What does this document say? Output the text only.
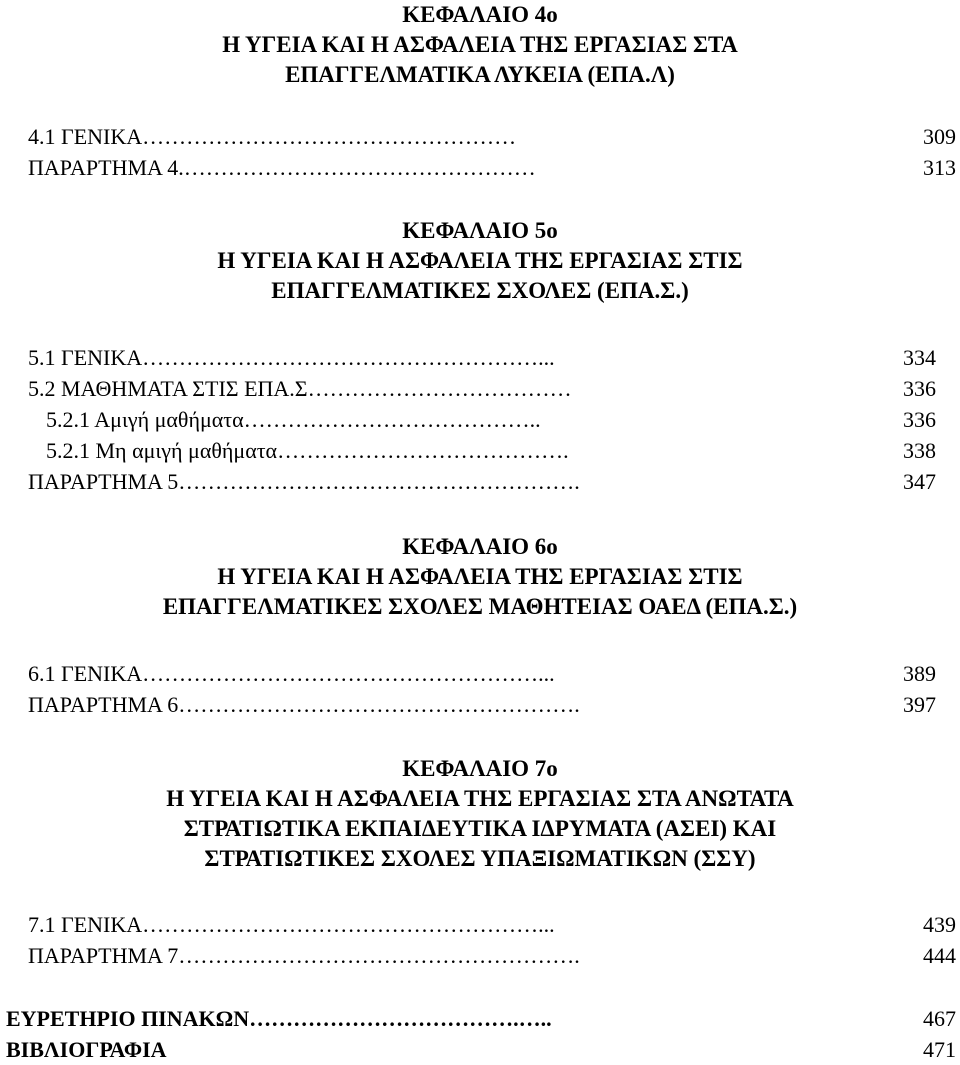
ΚΕΦΑΛΑΙΟ 4ο

Η ΥΓΕΙΑ ΚΑΙ Η ΑΣΦΑΛΕΙΑ ΤΗΣ ΕΡΓΑΣΙΑΣ ΣΤΑ

ΕΠΑΓΓΕΛΜΑΤΙΚΑ ΛΥΚΕΙΑ (ΕΠΑ.Λ)

4.1 ΓΕΝΙΚΑ……………………………………………	309
ΠΑΡΑΡΤΗΜΑ 4.…………………………………………	313

ΚΕΦΑΛΑΙΟ 5ο

Η ΥΓΕΙΑ ΚΑΙ Η ΑΣΦΑΛΕΙΑ ΤΗΣ ΕΡΓΑΣΙΑΣ ΣΤΙΣ

ΕΠΑΓΓΕΛΜΑΤΙΚΕΣ ΣΧΟΛΕΣ (ΕΠΑ.Σ.)

5.1 ΓΕΝΙΚΑ………………………………………………...	334
5.2 ΜΑΘΗΜΑΤΑ ΣΤΙΣ ΕΠΑ.Σ………………………………	336
5.2.1 Αμιγή μαθήματα…………………………………..	336
5.2.1 Μη αμιγή μαθήματα………………………………….	338
ΠΑΡΑΡΤΗΜΑ 5……………………………………………….	347

ΚΕΦΑΛΑΙΟ 6ο

Η ΥΓΕΙΑ ΚΑΙ Η ΑΣΦΑΛΕΙΑ ΤΗΣ ΕΡΓΑΣΙΑΣ ΣΤΙΣ

ΕΠΑΓΓΕΛΜΑΤΙΚΕΣ ΣΧΟΛΕΣ ΜΑΘΗΤΕΙΑΣ ΟΑΕΔ (ΕΠΑ.Σ.)

6.1 ΓΕΝΙΚΑ………………………………………………...	389
ΠΑΡΑΡΤΗΜΑ 6……………………………………………….	397

ΚΕΦΑΛΑΙΟ 7ο

Η ΥΓΕΙΑ ΚΑΙ Η ΑΣΦΑΛΕΙΑ ΤΗΣ ΕΡΓΑΣΙΑΣ ΣΤΑ ΑΝΩΤΑΤΑ

ΣΤΡΑΤΙΩΤΙΚΑ ΕΚΠΑΙΔΕΥΤΙΚΑ ΙΔΡΥΜΑΤΑ (ΑΣΕΙ) ΚΑΙ

ΣΤΡΑΤΙΩΤΙΚΕΣ ΣΧΟΛΕΣ ΥΠΑΞΙΩΜΑΤΙΚΩΝ (ΣΣΥ)

7.1 ΓΕΝΙΚΑ………………………………………………...	439
ΠΑΡΑΡΤΗΜΑ 7……………………………………………….	444
ΕΥΡΕΤΗΡΙΟ ΠΙΝΑΚΩΝ……………………………….…..	467
ΒΙΒΛΙΟΓΡΑΦΙΑ	471
